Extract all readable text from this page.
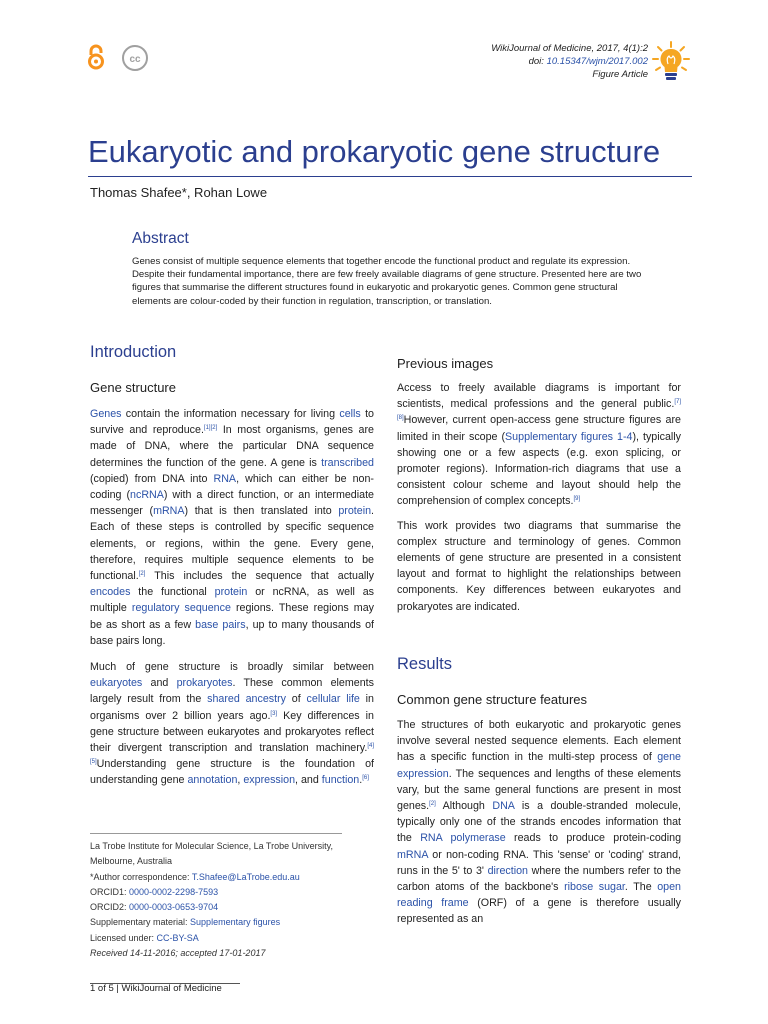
cc
WikiJournal of Medicine, 2017, 4(1):2
doi: 10.15347/wjm/2017.002
Figure Article
Eukaryotic and prokaryotic gene structure
Thomas Shafee*, Rohan Lowe
Abstract
Genes consist of multiple sequence elements that together encode the functional product and regulate its expression. Despite their fundamental importance, there are few freely available diagrams of gene structure. Presented here are two figures that summarise the different structures found in eukaryotic and prokaryotic genes. Common gene structural elements are colour-coded by their function in regulation, transcription, or translation.
Introduction
Gene structure

Genes contain the information necessary for living cells to survive and reproduce.[1][2] In most organisms, genes are made of DNA, where the particular DNA sequence determines the function of the gene. A gene is transcribed (copied) from DNA into RNA, which can either be non-coding (ncRNA) with a direct function, or an intermediate messenger (mRNA) that is then translated into protein. Each of these steps is controlled by specific sequence elements, or regions, within the gene. Every gene, therefore, requires multiple sequence elements to be functional.[2] This includes the sequence that actually encodes the functional protein or ncRNA, as well as multiple regulatory sequence regions. These regions may be as short as a few base pairs, up to many thousands of base pairs long.

Much of gene structure is broadly similar between eukaryotes and prokaryotes. These common elements largely result from the shared ancestry of cellular life in organisms over 2 billion years ago.[3] Key differences in gene structure between eukaryotes and prokaryotes reflect their divergent transcription and translation machinery.[4][5]Understanding gene structure is the foundation of understanding gene annotation, expression, and function.[6]

Previous images

Access to freely available diagrams is important for scientists, medical professions and the general public.[7][8]However, current open-access gene structure figures are limited in their scope (Supplementary figures 1-4), typically showing one or a few aspects (e.g. exon splicing, or promoter regions). Information-rich diagrams that use a consistent colour scheme and layout should help the comprehension of complex concepts.[9]

This work provides two diagrams that summarise the complex structure and terminology of genes. Common elements of gene structure are presented in a consistent layout and format to highlight the relationships between components. Key differences between eukaryotes and prokaryotes are indicated.

Results
Common gene structure features

The structures of both eukaryotic and prokaryotic genes involve several nested sequence elements. Each element has a specific function in the multi-step process of gene expression. The sequences and lengths of these elements vary, but the same general functions are present in most genes.[2] Although DNA is a double-stranded molecule, typically only one of the strands encodes information that the RNA polymerase reads to produce protein-coding mRNA or non-coding RNA. This 'sense' or 'coding' strand, runs in the 5' to 3' direction where the numbers refer to the carbon atoms of the backbone's ribose sugar. The open reading frame (ORF) of a gene is therefore usually represented as an

La Trobe Institute for Molecular Science, La Trobe University,
Melbourne, Australia
*Author correspondence: T.Shafee@LaTrobe.edu.au
ORCID1: 0000-0002-2298-7593
ORCID2: 0000-0003-0653-9704
Supplementary material: Supplementary figures
Licensed under: CC-BY-SA
Received 14-11-2016; accepted 17-01-2017
1 of 5 | WikiJournal of Medicine
